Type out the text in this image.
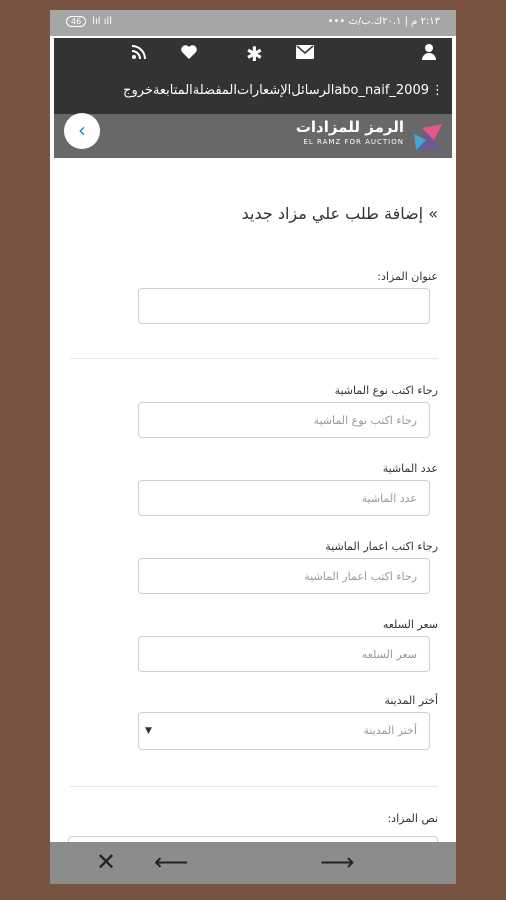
46	lıl ıll	٢:١٣ م | ٢٠.١ك.ب/ث •••
✱
⋮
abo_naif_2009
الرسائل
الإشعارات
المفضلة
المتابعة
خروج
‹	الرمز للمزادات
EL RAMZ FOR AUCTION
» إضافة طلب علي مزاد جديد
عنوان المزاد:
رجاء اكتب نوع الماشية
رجاء اكتب نوع الماشية
عدد الماشية
عدد الماشية
رجاء اكتب اعمار الماشية
رجاء اكتب اعمار الماشية
سعر السلعه
سعر السلعه
أختر المدينة
أختر المدينة
▼
نص المزاد:
✕ ⟵	⟶
